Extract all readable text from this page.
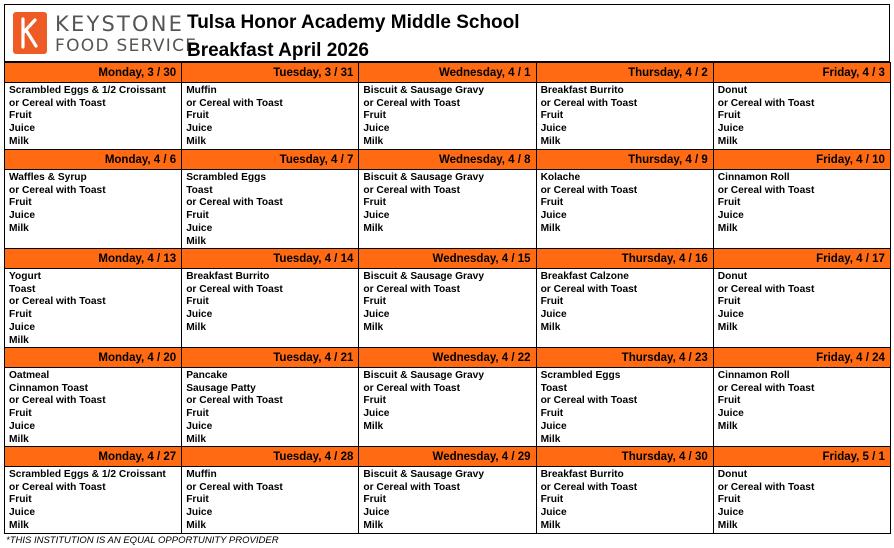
KEYSTONE
FOOD SERVICE
Tulsa Honor Academy Middle School
Breakfast April 2026
Monday, 3 / 30
Scrambled Eggs & 1/2 Croissant
or Cereal with Toast
Fruit
Juice
Milk
Tuesday, 3 / 31
Muffin
or Cereal with Toast
Fruit
Juice
Milk
Wednesday, 4 / 1
Biscuit & Sausage Gravy
or Cereal with Toast
Fruit
Juice
Milk
Thursday, 4 / 2
Breakfast Burrito
or Cereal with Toast
Fruit
Juice
Milk
Friday, 4 / 3
Donut
or Cereal with Toast
Fruit
Juice
Milk
Monday, 4 / 6
Waffles & Syrup
or Cereal with Toast
Fruit
Juice
Milk
Tuesday, 4 / 7
Scrambled Eggs
Toast
or Cereal with Toast
Fruit
Juice
Milk
Wednesday, 4 / 8
Biscuit & Sausage Gravy
or Cereal with Toast
Fruit
Juice
Milk
Thursday, 4 / 9
Kolache
or Cereal with Toast
Fruit
Juice
Milk
Friday, 4 / 10
Cinnamon Roll
or Cereal with Toast
Fruit
Juice
Milk
Monday, 4 / 13
Yogurt
Toast
or Cereal with Toast
Fruit
Juice
Milk
Tuesday, 4 / 14
Breakfast Burrito
or Cereal with Toast
Fruit
Juice
Milk
Wednesday, 4 / 15
Biscuit & Sausage Gravy
or Cereal with Toast
Fruit
Juice
Milk
Thursday, 4 / 16
Breakfast Calzone
or Cereal with Toast
Fruit
Juice
Milk
Friday, 4 / 17
Donut
or Cereal with Toast
Fruit
Juice
Milk
Monday, 4 / 20
Oatmeal
Cinnamon Toast
or Cereal with Toast
Fruit
Juice
Milk
Tuesday, 4 / 21
Pancake
Sausage Patty
or Cereal with Toast
Fruit
Juice
Milk
Wednesday, 4 / 22
Biscuit & Sausage Gravy
or Cereal with Toast
Fruit
Juice
Milk
Thursday, 4 / 23
Scrambled Eggs
Toast
or Cereal with Toast
Fruit
Juice
Milk
Friday, 4 / 24
Cinnamon Roll
or Cereal with Toast
Fruit
Juice
Milk
Monday, 4 / 27
Scrambled Eggs & 1/2 Croissant
or Cereal with Toast
Fruit
Juice
Milk
Tuesday, 4 / 28
Muffin
or Cereal with Toast
Fruit
Juice
Milk
Wednesday, 4 / 29
Biscuit & Sausage Gravy
or Cereal with Toast
Fruit
Juice
Milk
Thursday, 4 / 30
Breakfast Burrito
or Cereal with Toast
Fruit
Juice
Milk
Friday, 5 / 1
Donut
or Cereal with Toast
Fruit
Juice
Milk
*THIS INSTITUTION IS AN EQUAL OPPORTUNITY PROVIDER
